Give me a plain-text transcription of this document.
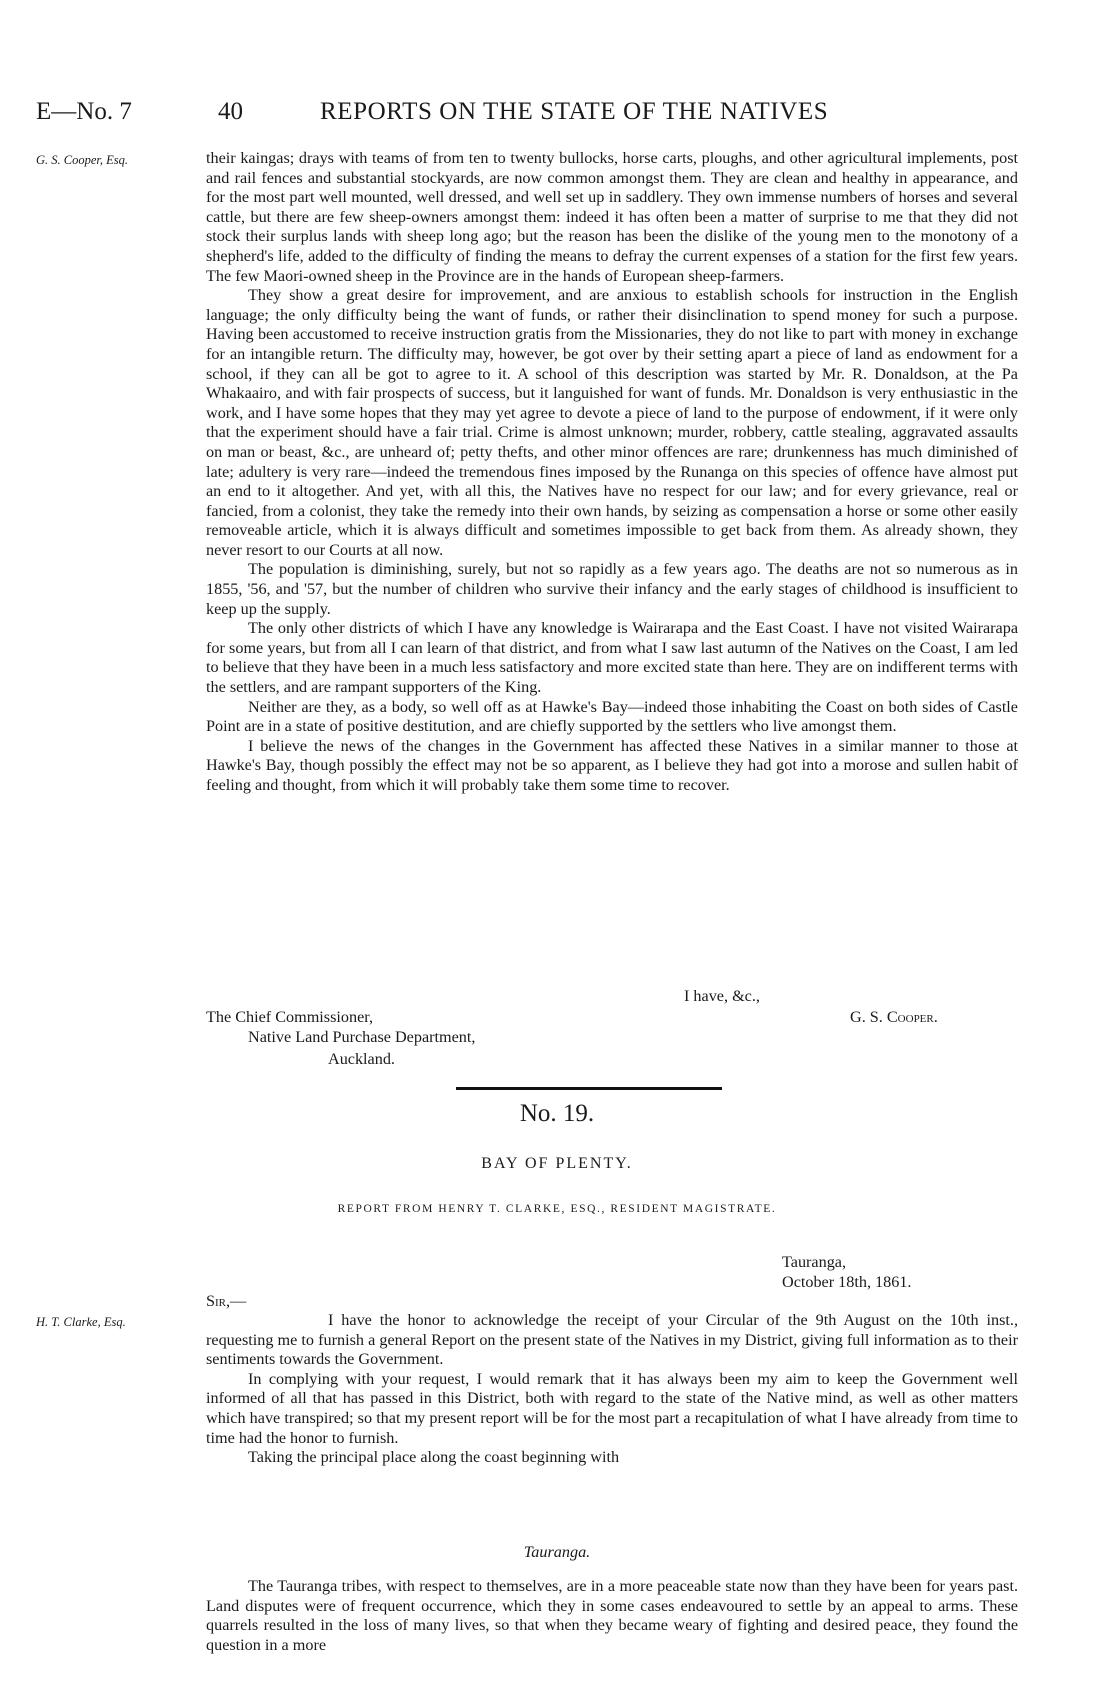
E—No. 7	40	REPORTS ON THE STATE OF THE NATIVES
G. S. Cooper, Esq.	their kaingas; drays with teams of from ten to twenty bullocks, horse carts, ploughs, and other agricultural implements, post and rail fences and substantial stockyards, are now common amongst them. They are clean and healthy in appearance, and for the most part well mounted, well dressed, and well set up in saddlery. They own immense numbers of horses and several cattle, but there are few sheep-owners amongst them: indeed it has often been a matter of surprise to me that they did not stock their surplus lands with sheep long ago; but the reason has been the dislike of the young men to the monotony of a shepherd's life, added to the difficulty of finding the means to defray the current expenses of a station for the first few years. The few Maori-owned sheep in the Province are in the hands of European sheep-farmers.

They show a great desire for improvement, and are anxious to establish schools for instruction in the English language; the only difficulty being the want of funds, or rather their disinclination to spend money for such a purpose. Having been accustomed to receive instruction gratis from the Missionaries, they do not like to part with money in exchange for an intangible return. The difficulty may, however, be got over by their setting apart a piece of land as endowment for a school, if they can all be got to agree to it. A school of this description was started by Mr. R. Donaldson, at the Pa Whakaairo, and with fair prospects of success, but it languished for want of funds. Mr. Donaldson is very enthusiastic in the work, and I have some hopes that they may yet agree to devote a piece of land to the purpose of endowment, if it were only that the experiment should have a fair trial. Crime is almost unknown; murder, robbery, cattle stealing, aggravated assaults on man or beast, &c., are unheard of; petty thefts, and other minor offences are rare; drunkenness has much diminished of late; adultery is very rare—indeed the tremendous fines imposed by the Runanga on this species of offence have almost put an end to it altogether. And yet, with all this, the Natives have no respect for our law; and for every grievance, real or fancied, from a colonist, they take the remedy into their own hands, by seizing as compensation a horse or some other easily removeable article, which it is always difficult and sometimes impossible to get back from them. As already shown, they never resort to our Courts at all now.

The population is diminishing, surely, but not so rapidly as a few years ago. The deaths are not so numerous as in 1855, '56, and '57, but the number of children who survive their infancy and the early stages of childhood is insufficient to keep up the supply.

The only other districts of which I have any knowledge is Wairarapa and the East Coast. I have not visited Wairarapa for some years, but from all I can learn of that district, and from what I saw last autumn of the Natives on the Coast, I am led to believe that they have been in a much less satisfactory and more excited state than here. They are on indifferent terms with the settlers, and are rampant supporters of the King.

Neither are they, as a body, so well off as at Hawke's Bay—indeed those inhabiting the Coast on both sides of Castle Point are in a state of positive destitution, and are chiefly supported by the settlers who live amongst them.

I believe the news of the changes in the Government has affected these Natives in a similar manner to those at Hawke's Bay, though possibly the effect may not be so apparent, as I believe they had got into a morose and sullen habit of feeling and thought, from which it will probably take them some time to recover.

I have, &c.,
G. S. Cooper.
The Chief Commissioner,
Native Land Purchase Department,
Auckland.
No. 19.
BAY OF PLENTY.
REPORT FROM HENRY T. CLARKE, ESQ., RESIDENT MAGISTRATE.
Tauranga,
October 18th, 1861.
Sir,—
H. T. Clarke, Esq.	I have the honor to acknowledge the receipt of your Circular of the 9th August on the 10th inst., requesting me to furnish a general Report on the present state of the Natives in my District, giving full information as to their sentiments towards the Government.

In complying with your request, I would remark that it has always been my aim to keep the Government well informed of all that has passed in this District, both with regard to the state of the Native mind, as well as other matters which have transpired; so that my present report will be for the most part a recapitulation of what I have already from time to time had the honor to furnish.

Taking the principal place along the coast beginning with

Tauranga.

The Tauranga tribes, with respect to themselves, are in a more peaceable state now than they have been for years past. Land disputes were of frequent occurrence, which they in some cases endeavoured to settle by an appeal to arms. These quarrels resulted in the loss of many lives, so that when they became weary of fighting and desired peace, they found the question in a more
